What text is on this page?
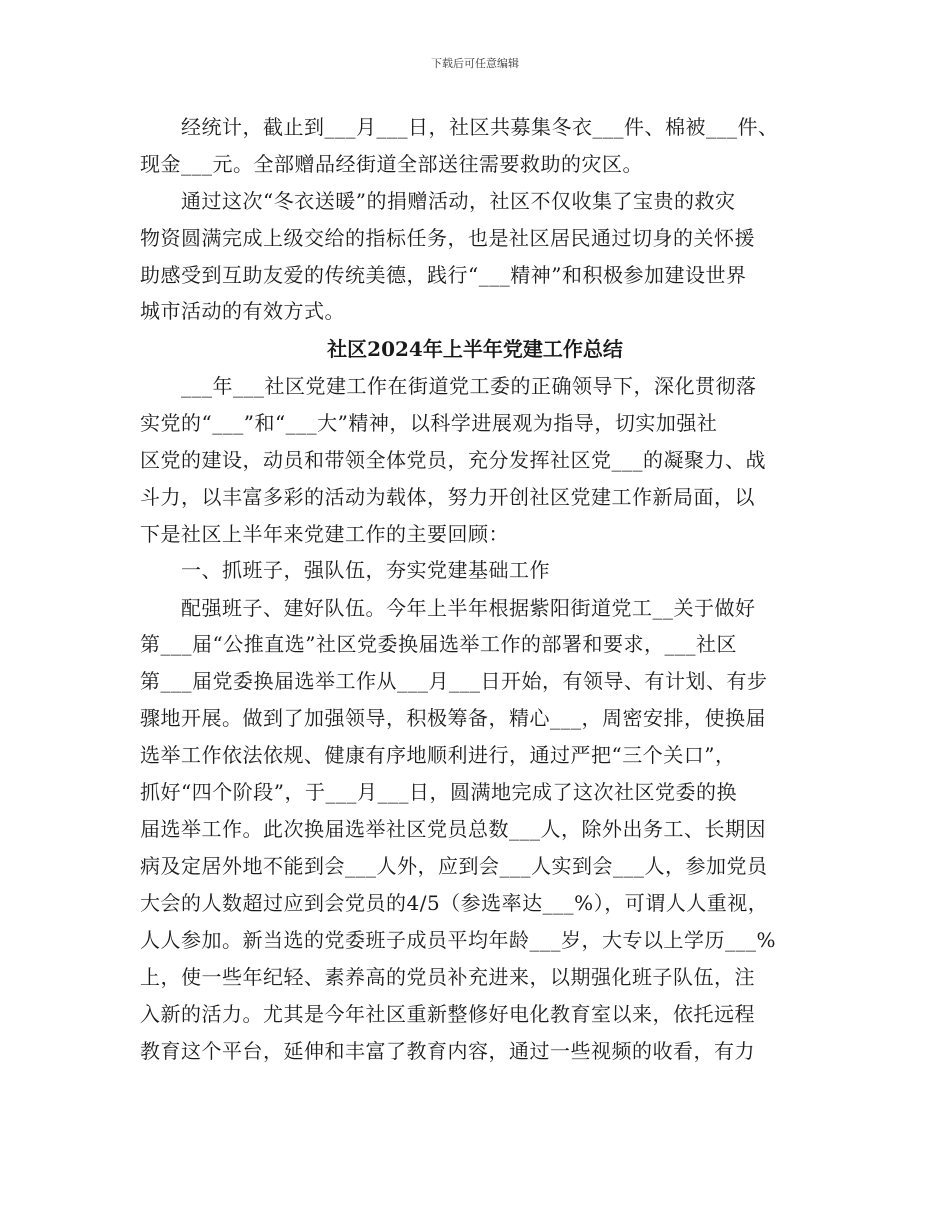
下载后可任意编辑
　　经统计，截止到___月___日，社区共募集冬衣___件、棉被___件、
现金___元。全部赠品经街道全部送往需要救助的灾区。
　　通过这次“冬衣送暖”的捐赠活动，社区不仅收集了宝贵的救灾
物资圆满完成上级交给的指标任务，也是社区居民通过切身的关怀援
助感受到互助友爱的传统美德，践行“___精神”和积极参加建设世界
城市活动的有效方式。
社区2024年上半年党建工作总结
　　___年___社区党建工作在街道党工委的正确领导下，深化贯彻落
实党的“___”和“___大”精神，以科学进展观为指导，切实加强社
区党的建设，动员和带领全体党员，充分发挥社区党___的凝聚力、战
斗力，以丰富多彩的活动为载体，努力开创社区党建工作新局面，以
下是社区上半年来党建工作的主要回顾：
　　一、抓班子，强队伍，夯实党建基础工作
　　配强班子、建好队伍。今年上半年根据紫阳街道党工__关于做好
第___届“公推直选”社区党委换届选举工作的部署和要求，___社区
第___届党委换届选举工作从___月___日开始，有领导、有计划、有步
骤地开展。做到了加强领导，积极筹备，精心___，周密安排，使换届
选举工作依法依规、健康有序地顺利进行，通过严把“三个关口”，
抓好“四个阶段”，于___月___日，圆满地完成了这次社区党委的换
届选举工作。此次换届选举社区党员总数___人，除外出务工、长期因
病及定居外地不能到会___人外，应到会___人实到会___人，参加党员
大会的人数超过应到会党员的4/5（参选率达___%），可谓人人重视，
人人参加。新当选的党委班子成员平均年龄___岁，大专以上学历___%
上，使一些年纪轻、素养高的党员补充进来，以期强化班子队伍，注
入新的活力。尤其是今年社区重新整修好电化教育室以来，依托远程
教育这个平台，延伸和丰富了教育内容，通过一些视频的收看，有力
